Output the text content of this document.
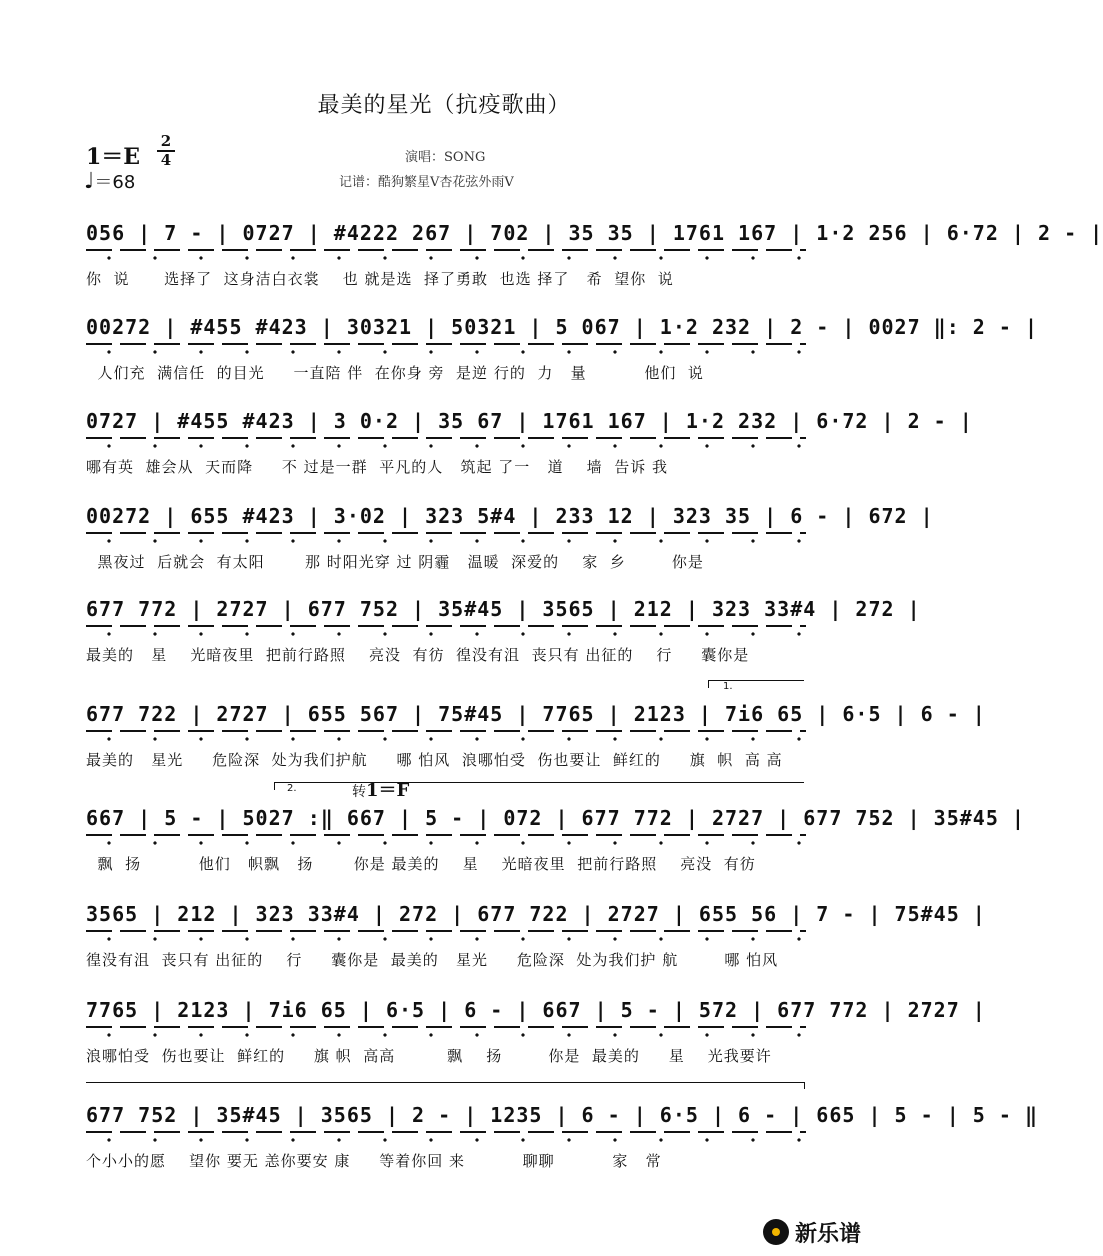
最美的星光（抗疫歌曲）
1＝E
2
4
♩＝68
演唱：SONG
记谱：酷狗繁星V杏花弦外雨V
056 | 7 - | 0727 | #4222 267 | 702 | 35 35 | 1761 167 | 1·2 256 | 6·72 | 2 - |
你  说      选择了  这身洁白衣裳    也 就是选  择了勇敢  也选 择了   希  望你  说
00272 | #455 #423 | 30321 | 50321 | 5 067 | 1·2 232 | 2 - | 0027 ‖: 2 - |
人们充  满信任  的目光     一直陪 伴  在你身 旁  是逆 行的  力   量          他们  说
0727 | #455 #423 | 3 0·2 | 35 67 | 1761 167 | 1·2 232 | 6·72 | 2 - |
哪有英  雄会从  天而降     不 过是一群  平凡的人   筑起 了一   道    墙  告诉 我
00272 | 655 #423 | 3·02 | 323 5#4 | 233 12 | 323 35 | 6 - | 672 |
黑夜过  后就会  有太阳       那 时阳光穿 过 阴霾   温暖  深爱的    家  乡        你是
677 772 | 2727 | 677 752 | 35#45 | 3565 | 212 | 323 33#4 | 272 |
最美的   星    光暗夜里  把前行路照    亮没  有彷  徨没有沮  丧只有 出征的    行     囊你是
1.
677 722 | 2727 | 655 567 | 75#45 | 7765 | 2123 | 7i6 65 | 6·5 | 6 - |
最美的   星光     危险深  处为我们护航     哪 怕风  浪哪怕受  伤也要让  鲜红的     旗  帜  高 高
2.	转1＝F
667 | 5 - | 5027 :‖ 667 | 5 - | 072 | 677 772 | 2727 | 677 752 | 35#45 |
飘  扬          他们   帜飘   扬       你是 最美的    星    光暗夜里  把前行路照    亮没  有彷
3565 | 212 | 323 33#4 | 272 | 677 722 | 2727 | 655 56 | 7 - | 75#45 |
徨没有沮  丧只有 出征的    行     囊你是  最美的   星光     危险深  处为我们护 航        哪 怕风
7765 | 2123 | 7i6 65 | 6·5 | 6 - | 667 | 5 - | 572 | 677 772 | 2727 |
浪哪怕受  伤也要让  鲜红的     旗 帜  高高         飘    扬        你是  最美的     星    光我要许
677 752 | 35#45 | 3565 | 2 - | 1235 | 6 - | 6·5 | 6 - | 665 | 5 - | 5 - ‖
个小小的愿    望你 要无 恙你要安 康     等着你回 来          聊聊          家   常
新乐谱
